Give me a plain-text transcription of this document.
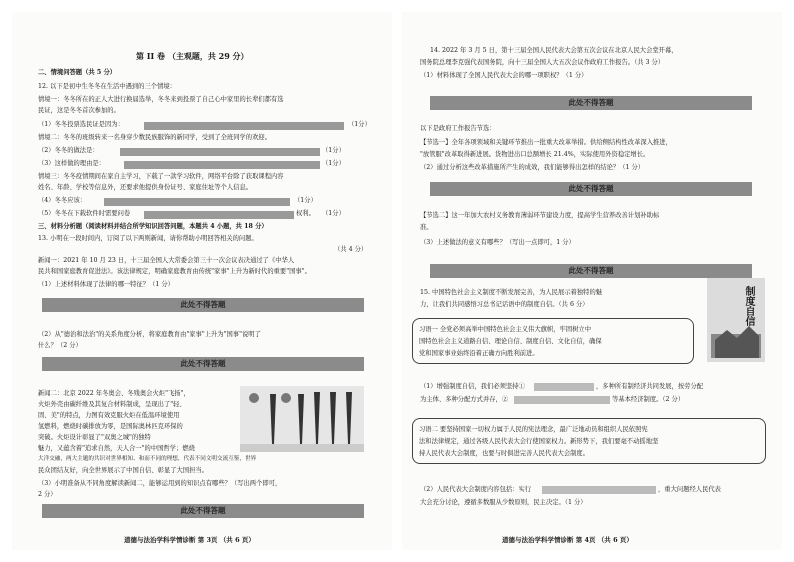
第 II 卷 （主观题，共 29 分）
二、情境问答题（共 5 分）
12. 以下是初中生冬冬在生活中遇到的三个情境：
情境一：冬冬所在的正人大进行换届选举，冬冬来到投票了自己心中家里的长辈们都有选
民证，这是冬冬首次参加的。
（1）冬冬投票选民证是因为：	（1分）
情境二：冬冬的班级转来一名身穿少数民族服饰的新同学，受到了全班同学的欢迎。
（2）冬冬的做法是：	（1分）
（3）这样做的理由是：	（1分）
情境三：冬冬疫情期间在家自主学习，下载了一款学习软件，网络平台除了获取课程内容
姓名、年龄、学校等信息外，还要求他提供身份证号、家庭住址等个人信息。
（4）冬冬应该：	（1分）
（5）冬冬在下载软件时需要问卷	权利。 （1分）
三、材料分析题（阅读材料并结合所学知识回答问题，本题共 4 小题，共 18 分）
13. 小明在一段时间内，订阅了以下两则新闻，请你帮助小明回答相关的问题。
（共 4 分）
新闻一：2021 年 10 月 23 日，十三届全国人大常委会第三十一次会议表决通过了《中华人
民共和国家庭教育促进法》。该法律规定，明确家庭教育由传统"家事"上升为新时代的重要"国事"。
（1）上述材料体现了法律的哪一特征？（1 分）
此处不得答题
（2）从"德治和法治"的关系角度分析，将家庭教育由"家事"上升为"国事"说明了
什么？（2 分）
此处不得答题
新闻二：北京 2022 年冬奥会、冬残奥会火炬"飞扬"，
火炬外壳由碳纤维及其复合材料制成，呈现出了"轻、
固、美"的特点，力图有效克服火炬在低温环境使用
氢燃料，燃烧时碳排放为零，是国际奥林匹克环保的
突破。火炬设计彰显了"双奥之城"的独特
魅力，又蕴含着"追求自然，天人合一"的中国哲学；燃烧
大洋交融，两大主题的共识对世界相知、和而不同的理想，代表不同文明交流互鉴，世界
民众团结友好，向全世界展示了中国自信、彰显了大国担当。
（3）小明准备从不同角度解读新闻二，能够运用到的知识点有哪些？（写出两个即可，
2 分）
此处不得答题
道德与法治学科学情诊断 第 3页 （共 6 页）
14. 2022 年 3 月 5 日，第十三届全国人民代表大会第五次会议在北京人民大会堂开幕，
国务院总理李克强代表国务院，向十三届全国人大五次会议作政府工作报告。（共 3 分）
（1）材料体现了全国人民代表大会的哪一项职权？（1 分）
此处不得答题
以下是政府工作报告节选：
【节选一】全年各项领域和关键环节推出一批重大改革举措。供给侧结构性改革深入推进，
"放管服"改革取得新进展。货物进出口总额增长 21.4%，实际使用外资稳定增长。
（2）通过分析这些改革措施所产生的成效，我们能够得出怎样的结论？（1 分）
此处不得答题
【节选二】这一年加大农村义务教育薄弱环节建设力度，提高学生营养改善计划补助标
准。
（3）上述做法的意义有哪些？（写出一点即可，1 分）
此处不得答题
15. 中国特色社会主义制度不断发展完善，为人民展示着独特的魅
力，让我们共同感悟习总书记话语中的制度自信。（共 6 分）	制度自信
习语一 全党必须高举中国特色社会主义伟大旗帜，牢固树立中
国特色社会主义道路自信、理论自信、制度自信、文化自信，确保
党和国家事业始终沿着正确方向胜利前进。
（1）增强制度自信，我们必须坚持①	，多种所有制经济共同发展，按劳分配
为主体、多种分配方式并存，②	等基本经济制度。（2 分）
习语二 要坚持国家一切权力属于人民的宪法理念，最广泛地动员和组织人民依照宪
法和法律规定，通过各级人民代表大会行使国家权力。新形势下，我们要毫不动摇地坚
持人民代表大会制度，也要与时俱进完善人民代表大会制度。
（2）人民代表大会制度内容包括：实行	，重大问题经人民代表
大会充分讨论，遵循多数服从少数原则，民主决定。（1 分）
道德与法治学科学情诊断 第 4页 （共 6 页）
